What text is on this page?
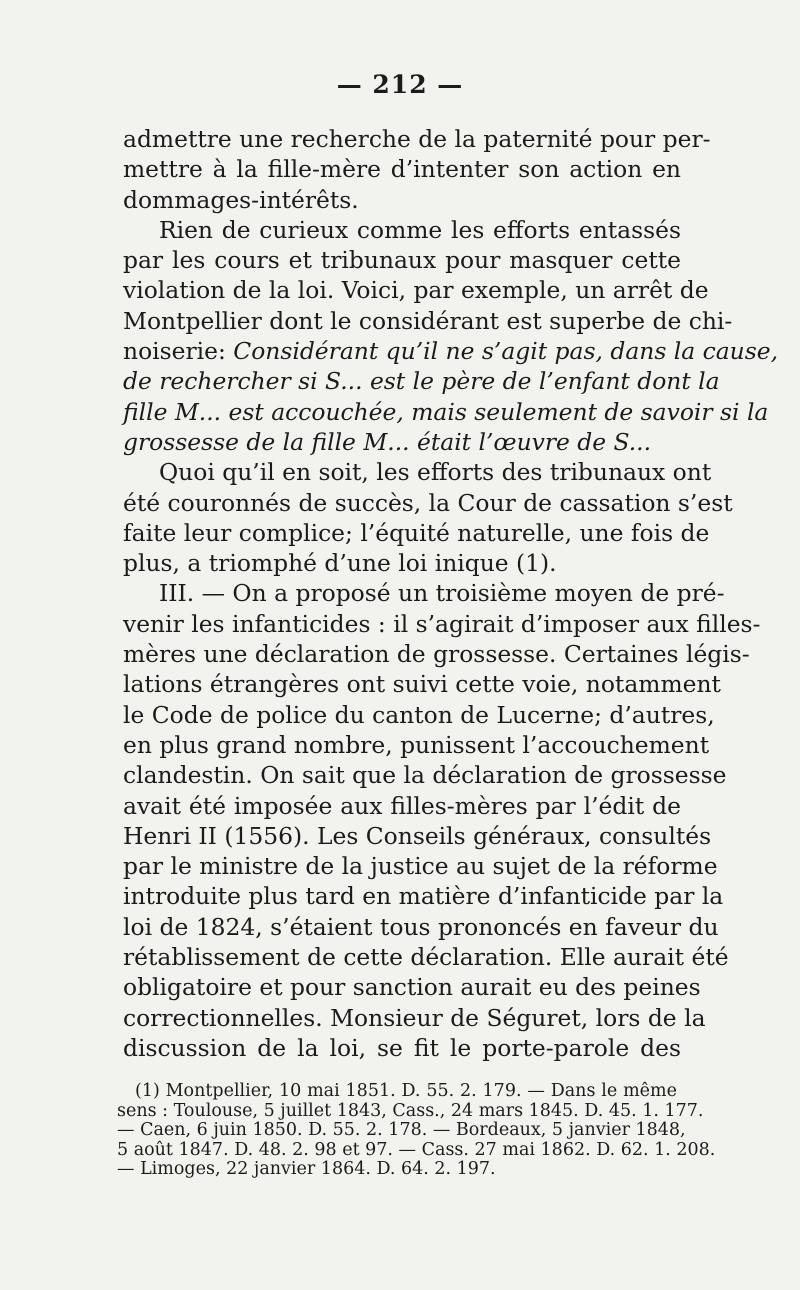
— 212 —
admettre une recherche de la paternité pour per-
mettre à la fille-mère d’intenter son action en
dommages-intérêts.
Rien de curieux comme les efforts entassés
par les cours et tribunaux pour masquer cette
violation de la loi. Voici, par exemple, un arrêt de
Montpellier dont le considérant est superbe de chi-
noiserie: Considérant qu’il ne s’agit pas, dans la cause,
de rechercher si S... est le père de l’enfant dont la
fille M... est accouchée, mais seulement de savoir si la
grossesse de la fille M... était l’œuvre de S...
Quoi qu’il en soit, les efforts des tribunaux ont
été couronnés de succès, la Cour de cassation s’est
faite leur complice; l’équité naturelle, une fois de
plus, a triomphé d’une loi inique (1).
III. — On a proposé un troisième moyen de pré-
venir les infanticides : il s’agirait d’imposer aux filles-
mères une déclaration de grossesse. Certaines légis-
lations étrangères ont suivi cette voie, notamment
le Code de police du canton de Lucerne; d’autres,
en plus grand nombre, punissent l’accouchement
clandestin. On sait que la déclaration de grossesse
avait été imposée aux filles-mères par l’édit de
Henri II (1556). Les Conseils généraux, consultés
par le ministre de la justice au sujet de la réforme
introduite plus tard en matière d’infanticide par la
loi de 1824, s’étaient tous prononcés en faveur du
rétablissement de cette déclaration. Elle aurait été
obligatoire et pour sanction aurait eu des peines
correctionnelles. Monsieur de Séguret, lors de la
discussion de la loi, se fit le porte-parole des
(1) Montpellier, 10 mai 1851. D. 55. 2. 179. — Dans le même
sens : Toulouse, 5 juillet 1843, Cass., 24 mars 1845. D. 45. 1. 177.
— Caen, 6 juin 1850. D. 55. 2. 178. — Bordeaux, 5 janvier 1848,
5 août 1847. D. 48. 2. 98 et 97. — Cass. 27 mai 1862. D. 62. 1. 208.
— Limoges, 22 janvier 1864. D. 64. 2. 197.
